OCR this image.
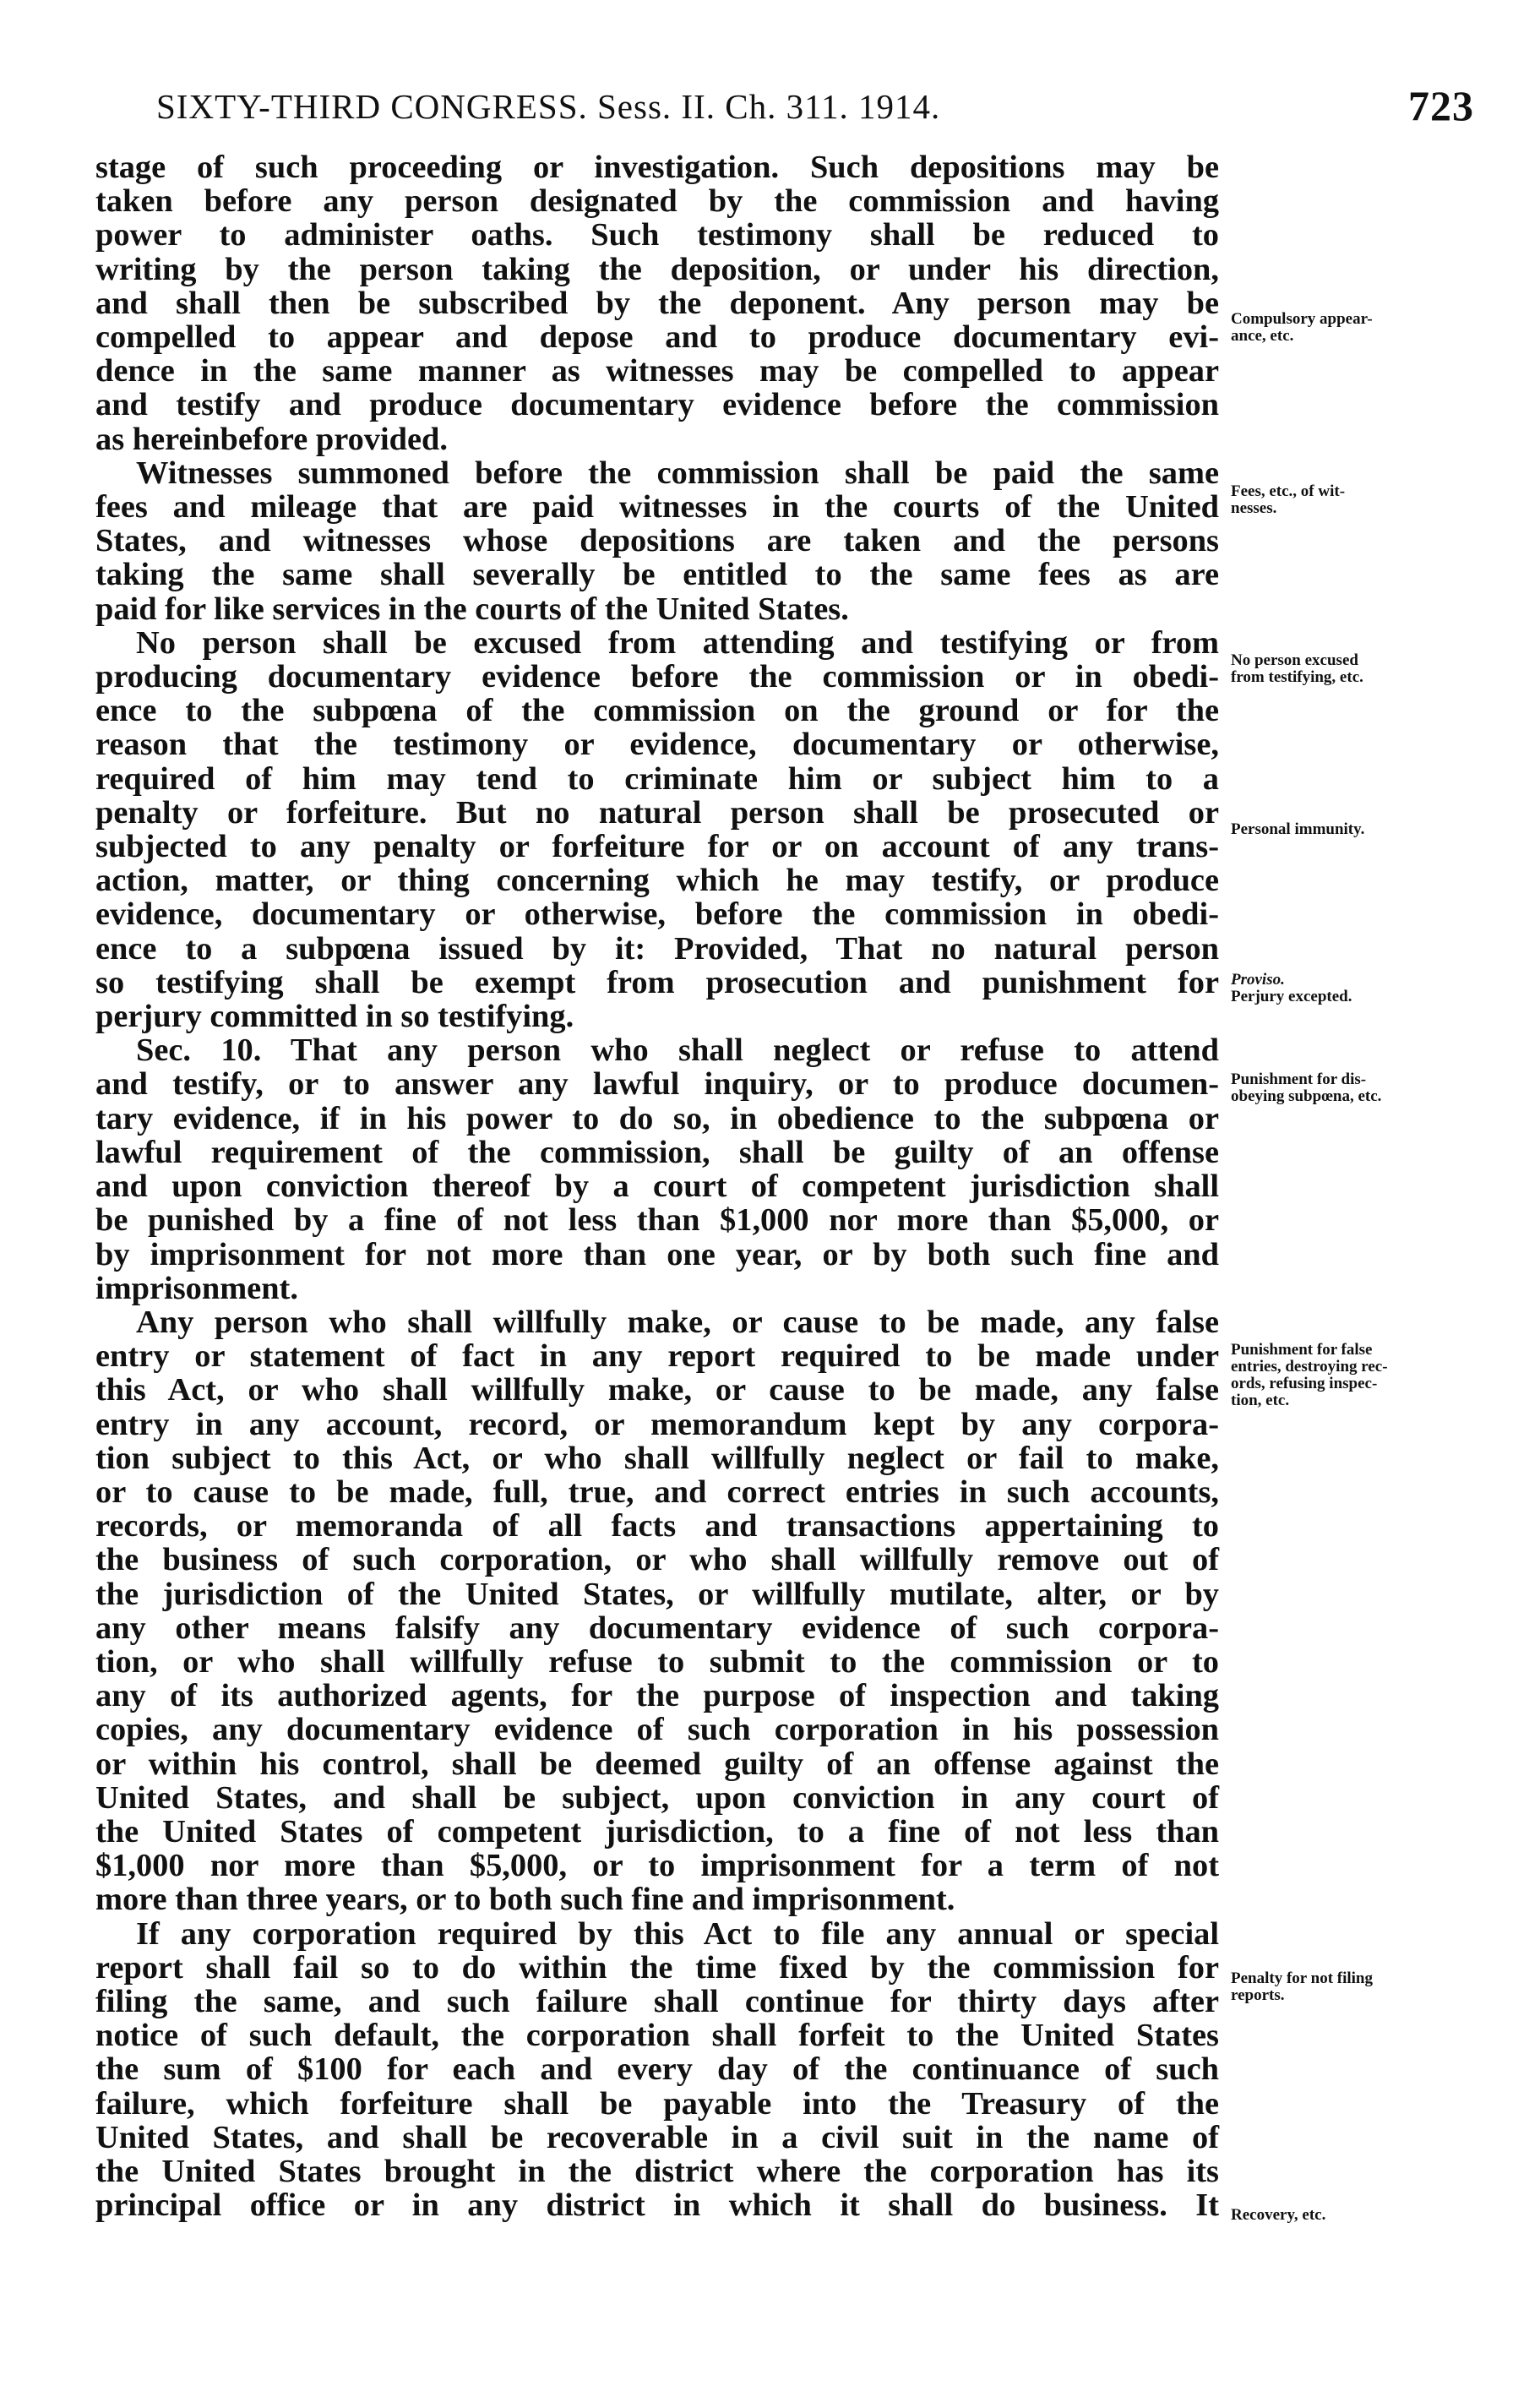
SIXTY-THIRD CONGRESS. Sess. II. Ch. 311. 1914.	723

stage of such proceeding or investigation. Such depositions may be

taken before any person designated by the commission and having

power to administer oaths. Such testimony shall be reduced to

writing by the person taking the deposition, or under his direction,

and shall then be subscribed by the deponent. Any person may be

compelled to appear and depose and to produce documentary evi-

dence in the same manner as witnesses may be compelled to appear

and testify and produce documentary evidence before the commission

as hereinbefore provided.

Witnesses summoned before the commission shall be paid the same

fees and mileage that are paid witnesses in the courts of the United

States, and witnesses whose depositions are taken and the persons

taking the same shall severally be entitled to the same fees as are

paid for like services in the courts of the United States.

No person shall be excused from attending and testifying or from

producing documentary evidence before the commission or in obedi-

ence to the subpœna of the commission on the ground or for the

reason that the testimony or evidence, documentary or otherwise,

required of him may tend to criminate him or subject him to a

penalty or forfeiture. But no natural person shall be prosecuted or

subjected to any penalty or forfeiture for or on account of any trans-

action, matter, or thing concerning which he may testify, or produce

evidence, documentary or otherwise, before the commission in obedi-

ence to a subpœna issued by it: Provided, That no natural person

so testifying shall be exempt from prosecution and punishment for

perjury committed in so testifying.

Sec. 10. That any person who shall neglect or refuse to attend

and testify, or to answer any lawful inquiry, or to produce documen-

tary evidence, if in his power to do so, in obedience to the subpœna or

lawful requirement of the commission, shall be guilty of an offense

and upon conviction thereof by a court of competent jurisdiction shall

be punished by a fine of not less than $1,000 nor more than $5,000, or

by imprisonment for not more than one year, or by both such fine and

imprisonment.

Any person who shall willfully make, or cause to be made, any false

entry or statement of fact in any report required to be made under

this Act, or who shall willfully make, or cause to be made, any false

entry in any account, record, or memorandum kept by any corpora-

tion subject to this Act, or who shall willfully neglect or fail to make,

or to cause to be made, full, true, and correct entries in such accounts,

records, or memoranda of all facts and transactions appertaining to

the business of such corporation, or who shall willfully remove out of

the jurisdiction of the United States, or willfully mutilate, alter, or by

any other means falsify any documentary evidence of such corpora-

tion, or who shall willfully refuse to submit to the commission or to

any of its authorized agents, for the purpose of inspection and taking

copies, any documentary evidence of such corporation in his possession

or within his control, shall be deemed guilty of an offense against the

United States, and shall be subject, upon conviction in any court of

the United States of competent jurisdiction, to a fine of not less than

$1,000 nor more than $5,000, or to imprisonment for a term of not

more than three years, or to both such fine and imprisonment.

If any corporation required by this Act to file any annual or special

report shall fail so to do within the time fixed by the commission for

filing the same, and such failure shall continue for thirty days after

notice of such default, the corporation shall forfeit to the United States

the sum of $100 for each and every day of the continuance of such

failure, which forfeiture shall be payable into the Treasury of the

United States, and shall be recoverable in a civil suit in the name of

the United States brought in the district where the corporation has its

principal office or in any district in which it shall do business. It

Compulsory appear-
ance, etc.
Fees, etc., of wit-
nesses.
No person excused
from testifying, etc.
Personal immunity.
Proviso.
Perjury excepted.
Punishment for dis-
obeying subpœna, etc.
Punishment for false
entries, destroying rec-
ords, refusing inspec-
tion, etc.
Penalty for not filing
reports.
Recovery, etc.
